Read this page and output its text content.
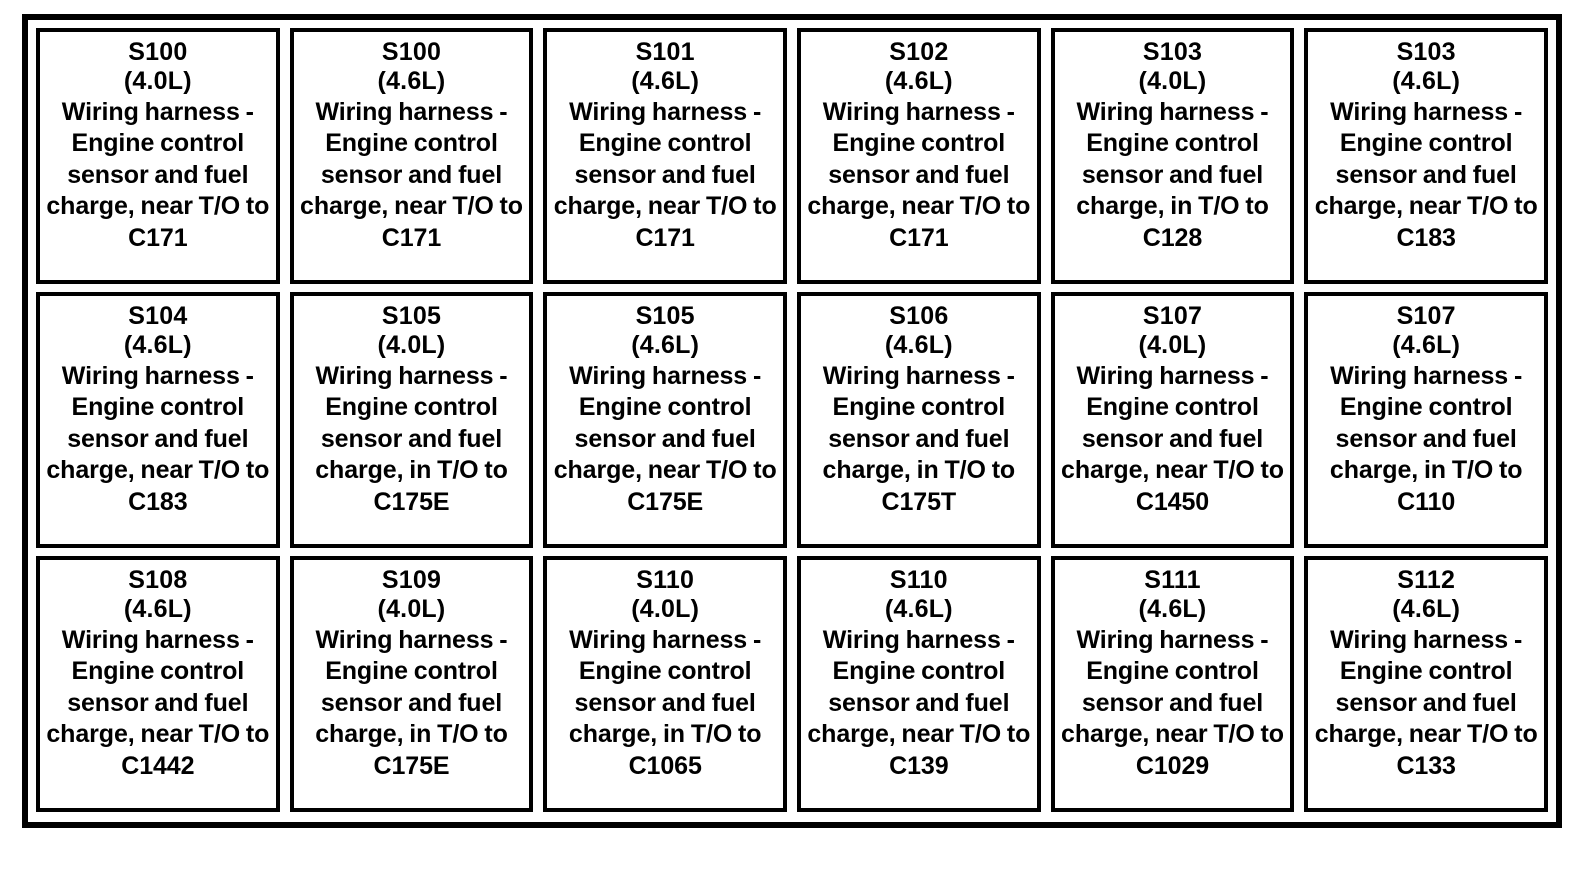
S100
(4.0L)
Wiring harness - Engine control sensor and fuel charge, near T/O to C171
S100
(4.6L)
Wiring harness - Engine control sensor and fuel charge, near T/O to C171
S101
(4.6L)
Wiring harness - Engine control sensor and fuel charge, near T/O to C171
S102
(4.6L)
Wiring harness - Engine control sensor and fuel charge, near T/O to C171
S103
(4.0L)
Wiring harness - Engine control sensor and fuel charge, in T/O to C128
S103
(4.6L)
Wiring harness - Engine control sensor and fuel charge, near T/O to C183
S104
(4.6L)
Wiring harness - Engine control sensor and fuel charge, near T/O to C183
S105
(4.0L)
Wiring harness - Engine control sensor and fuel charge, in T/O to C175E
S105
(4.6L)
Wiring harness - Engine control sensor and fuel charge, near T/O to C175E
S106
(4.6L)
Wiring harness - Engine control sensor and fuel charge, in T/O to C175T
S107
(4.0L)
Wiring harness - Engine control sensor and fuel charge, near T/O to C1450
S107
(4.6L)
Wiring harness - Engine control sensor and fuel charge, in T/O to C110
S108
(4.6L)
Wiring harness - Engine control sensor and fuel charge, near T/O to C1442
S109
(4.0L)
Wiring harness - Engine control sensor and fuel charge, in T/O to C175E
S110
(4.0L)
Wiring harness - Engine control sensor and fuel charge, in T/O to C1065
S110
(4.6L)
Wiring harness - Engine control sensor and fuel charge, near T/O to C139
S111
(4.6L)
Wiring harness - Engine control sensor and fuel charge, near T/O to C1029
S112
(4.6L)
Wiring harness - Engine control sensor and fuel charge, near T/O to C133
